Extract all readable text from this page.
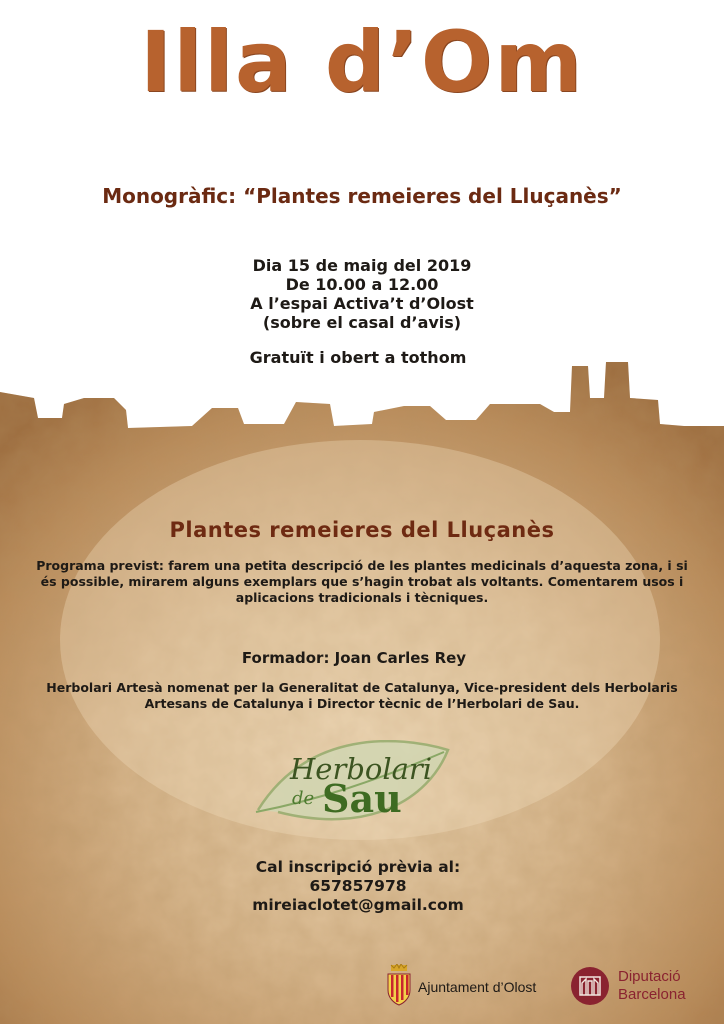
Illa d’Om
Monogràfic: “Plantes remeieres del Lluçanès”
Dia 15 de maig del 2019
De 10.00 a 12.00
A l’espai Activa’t d’Olost
(sobre el casal d’avis)
Gratuït i obert a tothom
Plantes remeieres del Lluçanès
Programa previst: farem una petita descripció de les plantes medicinals d’aquesta zona, i si és possible, mirarem alguns exemplars que s’hagin trobat als voltants. Comentarem usos i aplicacions tradicionals i tècniques.
Formador: Joan Carles Rey
Herbolari Artesà nomenat per la Generalitat de Catalunya, Vice-president dels Herbolaris Artesans de Catalunya i Director tècnic de l’Herbolari de Sau.
Herbolari
de Sau
Cal inscripció prèvia al:
657857978
mireiaclotet@gmail.com
Ajuntament d’Olost
Diputació
Barcelona
